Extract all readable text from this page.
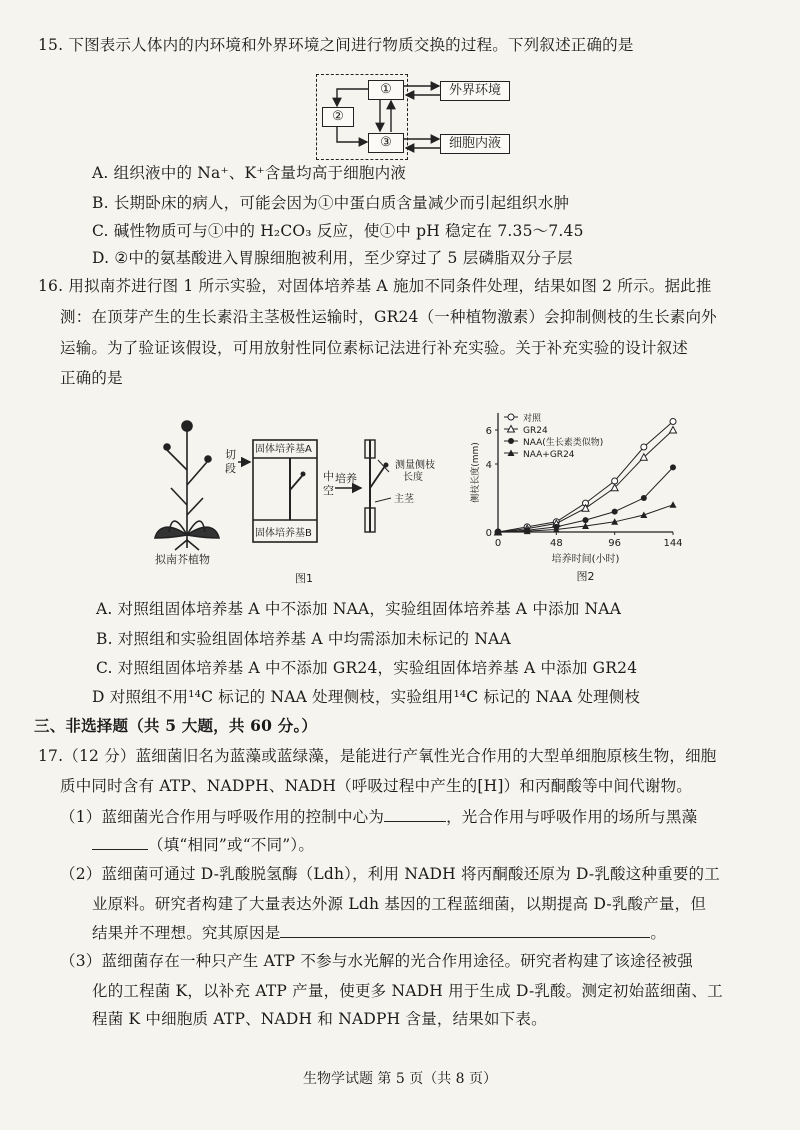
15. 下图表示人体内的内环境和外界环境之间进行物质交换的过程。下列叙述正确的是
①
②
③
外界环境
细胞内液
A. 组织液中的 Na⁺、K⁺含量均高于细胞内液
B. 长期卧床的病人，可能会因为①中蛋白质含量减少而引起组织水肿
C. 碱性物质可与①中的 H₂CO₃ 反应，使①中 pH 稳定在 7.35～7.45
D. ②中的氨基酸进入胃腺细胞被利用，至少穿过了 5 层磷脂双分子层
16. 用拟南芥进行图 1 所示实验，对固体培养基 A 施加不同条件处理，结果如图 2 所示。据此推
测：在顶芽产生的生长素沿主茎极性运输时，GR24（一种植物激素）会抑制侧枝的生长素向外
运输。为了验证该假设，可用放射性同位素标记法进行补充实验。关于补充实验的设计叙述
正确的是
拟南芥植物
切
段
固体培养基A
固体培养基B
中
空
培养
测量侧枝
长度
主茎
图1
0	48	96	144
0
4
6
培养时间(小时)
侧枝长度(mm)
图2
对照
GR24
NAA(生长素类似物)
NAA+GR24
A. 对照组固体培养基 A 中不添加 NAA，实验组固体培养基 A 中添加 NAA
B. 对照组和实验组固体培养基 A 中均需添加未标记的 NAA
C. 对照组固体培养基 A 中不添加 GR24，实验组固体培养基 A 中添加 GR24
D 对照组不用¹⁴C 标记的 NAA 处理侧枝，实验组用¹⁴C 标记的 NAA 处理侧枝
三、非选择题（共 5 大题，共 60 分。）
17.（12 分）蓝细菌旧名为蓝藻或蓝绿藻，是能进行产氧性光合作用的大型单细胞原核生物，细胞
质中同时含有 ATP、NADPH、NADH（呼吸过程中产生的[H]）和丙酮酸等中间代谢物。
（1）蓝细菌光合作用与呼吸作用的控制中心为	，光合作用与呼吸作用的场所与黑藻
（填“相同”或“不同”）。
（2）蓝细菌可通过 D-乳酸脱氢酶（Ldh），利用 NADH 将丙酮酸还原为 D-乳酸这种重要的工
业原料。研究者构建了大量表达外源 Ldh 基因的工程蓝细菌，以期提高 D-乳酸产量，但
结果并不理想。究其原因是	。
（3）蓝细菌存在一种只产生 ATP 不参与水光解的光合作用途径。研究者构建了该途径被强
化的工程菌 K，以补充 ATP 产量，使更多 NADH 用于生成 D-乳酸。测定初始蓝细菌、工
程菌 K 中细胞质 ATP、NADH 和 NADPH 含量，结果如下表。
生物学试题 第 5 页（共 8 页）
